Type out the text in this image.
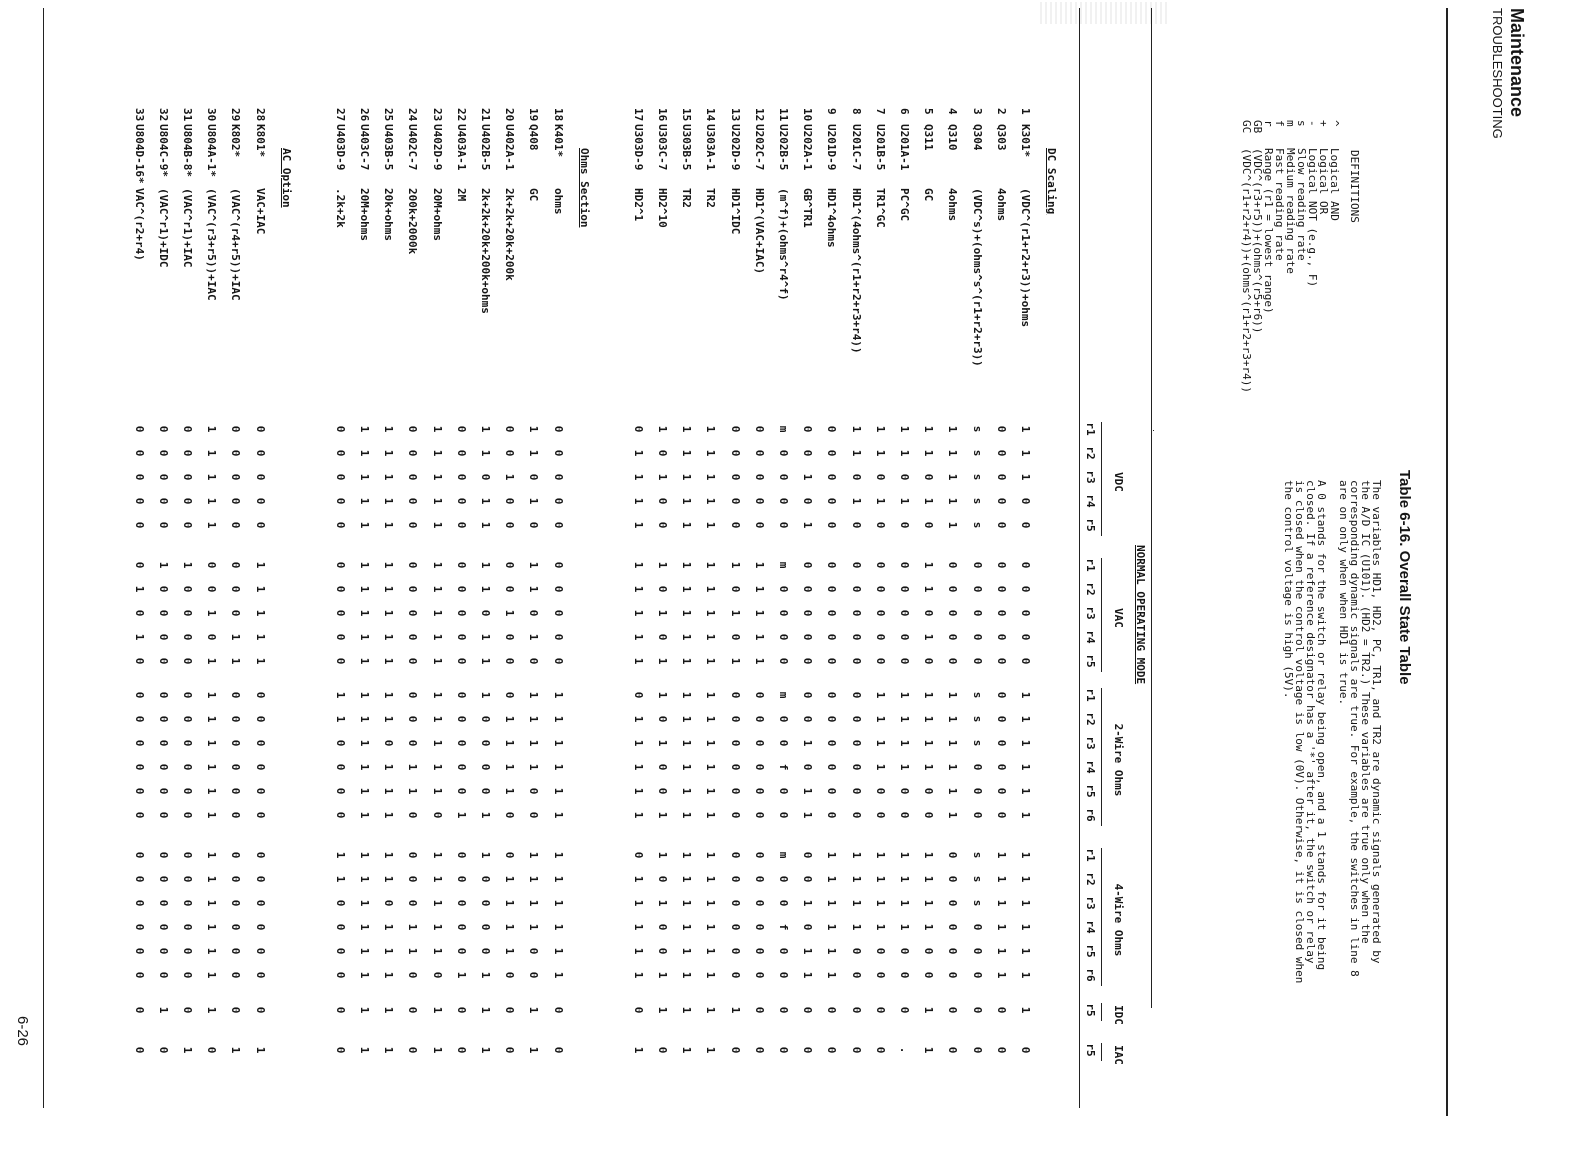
Maintenance
TROUBLESHOOTING
Table 6-16. Overall State Table
The variables HD1, HD2, PC, TR1, and TR2 are dynamic signals generated by
the A/D IC (U101). (HD2 = TR2.) These variables are true only when the
corresponding dynamic signals are true. For example, the switches in line 8
are on only when when HD1 is true.
A 0 stands for the switch or relay being open, and a 1 stands for it being
closed. If a reference designator has a '*' after it, the switch or relay
is closed when the control voltage is low (0V). Otherwise, it is closed when
the control voltage is high (5V).
DEFINITIONS
^
Logical AND
+
Logical OR
-
Logical NOT (e.g., F)
s
Slow reading rate
m
Medium reading rate
f
Fast reading rate
r
Range (r1 = lowest range)
GB
(VDC^(r3+r5))+(ohms^(r5+r6))
GC
(VDC^(r1+r2+r4))+(ohms^(r1+r2+r3+r4))
NORMAL OPERATING MODE
VDC
r1
r2
r3
r4
r5
VAC
r1
r2
r3
r4
r5
2-Wire Ohms
r1
r2
r3
r4
r5
r6
4-Wire Ohms
r1
r2
r3
r4
r5
r6
IDC
r5
IAC
r5
DC Scaling
1
K301*
(VDC^(r1+r2+r3))+ohms
1
1
1
0
0
0
0
0
0
0
1
1
1
1
1
1
1
1
1
1
1
1
1
0
2
Q303
4ohms
0
0
0
0
0
0
0
0
0
0
0
0
0
0
0
0
1
1
1
1
1
1
0
0
3
Q304
(VDC^s)+(ohms^s^(r1+r2+r3))
s
s
s
s
s
0
0
0
0
0
s
s
s
0
0
0
s
s
s
0
0
0
0
0
4
Q310
4ohms
1
1
1
1
1
0
0
0
0
0
1
1
1
1
1
1
0
0
0
0
0
0
0
0
5
Q311
GC
1
1
0
1
0
1
1
0
1
0
1
1
1
1
0
0
1
1
1
1
0
0
1
1
6
U201A-1
PC^GC
1
1
0
1
0
0
0
0
0
0
1
1
1
1
0
0
1
1
1
1
0
0
0
.
7
U201B-5
TR1^GC
1
1
0
1
0
0
0
0
0
0
1
1
1
1
0
0
1
1
1
1
0
0
0
0
8
U201C-7
HD1^(4ohms^(r1+r2+r3+r4))
1
1
0
1
0
0
0
0
0
0
0
0
0
0
0
0
1
1
1
1
0
0
0
0
9
U201D-9
HD1^4ohms
0
0
0
0
0
0
0
0
0
0
0
0
0
0
0
0
1
1
1
1
1
1
0
0
10
U202A-1
GB^TR1
0
0
1
0
1
0
0
0
0
0
0
0
1
0
1
1
0
0
1
0
1
1
0
0
11
U202B-5
(m^f)+(ohms^r4^f)
m
0
0
0
0
m
0
0
0
0
m
0
0
f
0
0
m
0
0
f
0
0
0
0
12
U202C-7
HD1^(VAC+IAC)
0
0
0
0
0
1
1
1
1
1
0
0
0
0
0
0
0
0
0
0
0
0
0
0
13
U202D-9
HD1^IDC
0
0
0
0
0
1
0
1
0
1
0
0
0
0
0
0
0
0
0
0
0
0
1
0
14
U303A-1
TR2
1
1
1
1
1
1
1
1
1
1
1
1
1
1
1
1
1
1
1
1
1
1
1
1
15
U303B-5
TR2
1
1
1
1
1
1
1
1
1
1
1
1
1
1
1
1
1
1
1
1
1
1
1
1
16
U303C-7
HD2^10
1
0
1
0
0
1
0
1
0
1
1
0
1
0
0
1
1
0
1
0
0
1
1
0
17
U303D-9
HD2^1
0
1
1
1
1
1
1
1
1
1
0
1
1
1
1
1
0
1
1
1
1
1
0
1
Ohms Section
18
K401*
ohms
0
0
0
0
0
0
0
0
0
0
1
1
1
1
1
1
1
1
1
1
1
1
0
0
19
Q408
GC
1
1
0
1
0
1
1
0
1
0
1
1
1
1
0
0
1
1
1
1
0
0
1
1
20
U402A-1
2k+2k+20k+200k
0
0
1
0
0
0
0
1
0
0
0
1
1
1
1
0
0
1
1
1
1
0
0
0
21
U402B-5
2k+2k+20k+200k+ohms
1
1
0
1
1
1
1
0
1
1
1
0
0
0
0
1
1
0
0
0
0
1
1
1
22
U403A-1
2M
0
0
0
0
0
0
0
0
0
0
0
0
0
0
0
1
0
0
0
0
0
1
0
0
23
U402D-9
20M+ohms
1
1
1
1
1
1
1
1
1
1
1
1
1
1
1
0
1
1
1
1
1
0
1
1
24
U402C-7
200k+2000k
0
0
0
0
0
0
0
0
0
0
0
0
0
1
1
0
0
0
0
1
1
0
0
0
25
U403B-5
20k+ohms
1
1
1
1
1
1
1
1
1
1
1
1
0
1
1
1
1
1
0
1
1
1
1
1
26
U403C-7
20M+ohms
1
1
1
1
1
1
1
1
1
1
1
1
1
1
1
1
1
1
1
1
1
1
1
1
27
U403D-9
.2k+2k
0
0
0
0
0
0
0
0
0
0
1
1
0
0
0
0
1
1
0
0
0
0
0
0
AC Option
28
K801*
VAC+IAC
0
0
0
0
0
1
1
1
1
1
0
0
0
0
0
0
0
0
0
0
0
0
0
1
29
K802*
(VAC^(r4+r5))+IAC
0
0
0
0
0
0
0
0
1
1
0
0
0
0
0
0
0
0
0
0
0
0
0
1
30
U804A-1*
(VAC^(r3+r5))+IAC
1
1
1
1
1
0
0
1
0
1
1
1
1
1
1
1
1
1
1
1
1
1
1
0
31
U804B-8*
(VAC^r1)+IAC
0
0
0
0
0
1
0
0
0
0
0
0
0
0
0
0
0
0
0
0
0
0
0
1
32
U804C-9*
(VAC^r1)+IDC
0
0
0
0
0
1
0
0
0
0
0
0
0
0
0
0
0
0
0
0
0
0
1
0
33
U804D-16*
VAC^(r2+r4)
0
0
0
0
0
0
1
0
1
0
0
0
0
0
0
0
0
0
0
0
0
0
0
0
6-26
